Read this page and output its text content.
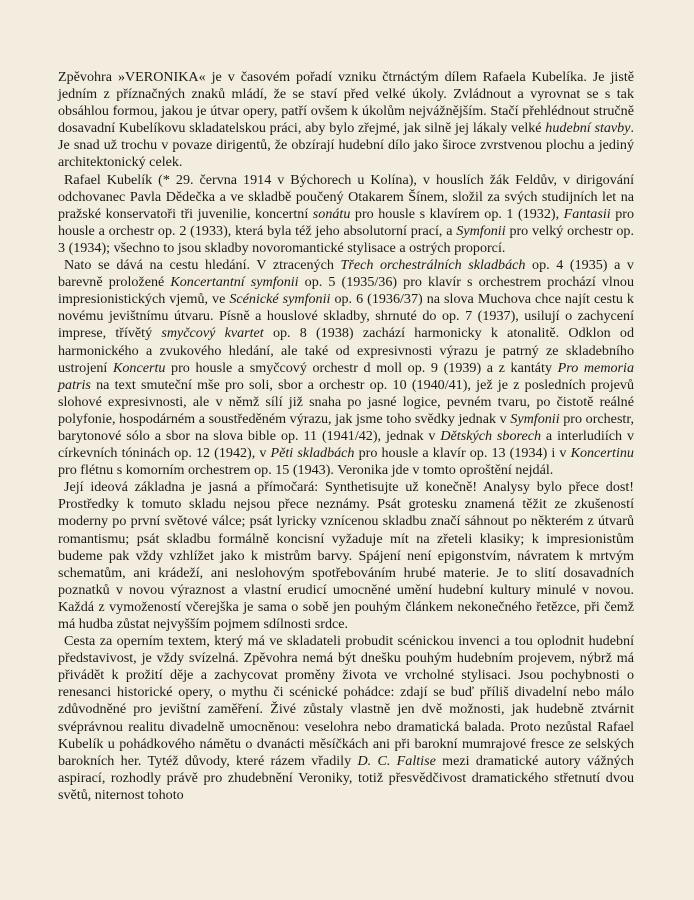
Zpěvohra »VERONIKA« je v časovém pořadí vzniku čtrnáctým dílem Rafaela Kubelíka. Je jistě jedním z příznačných znaků mládí, že se staví před velké úkoly. Zvládnout a vyrovnat se s tak obsáhlou formou, jakou je útvar opery, patří ovšem k úkolům nejvážnějším. Stačí přehlédnout stručně dosavadní Kubelíkovu skladatelskou práci, aby bylo zřejmé, jak silně jej lákaly velké hudební stavby. Je snad už trochu v povaze dirigentů, že obzírají hudební dílo jako široce zvrstvenou plochu a jediný architektonický celek.

Rafael Kubelík (* 29. června 1914 v Býchorech u Kolína), v houslích žák Feldův, v dirigování odchovanec Pavla Dědečka a ve skladbě poučený Otakarem Šínem, složil za svých studijních let na pražské konservatoři tři juvenilie, koncertní sonátu pro housle s klavírem op. 1 (1932), Fantasii pro housle a orchestr op. 2 (1933), která byla též jeho absolutorní prací, a Symfonii pro velký orchestr op. 3 (1934); všechno to jsou skladby novoromantické stylisace a ostrých proporcí.

Nato se dává na cestu hledání. V ztracených Třech orchestrálních skladbách op. 4 (1935) a v barevně proložené Koncertantní symfonii op. 5 (1935/36) pro klavír s orchestrem prochází vlnou impresionistických vjemů, ve Scénické symfonii op. 6 (1936/37) na slova Muchova chce najít cestu k novému jevištnímu útvaru. Písně a houslové skladby, shrnuté do op. 7 (1937), usilují o zachycení imprese, třívětý smyčcový kvartet op. 8 (1938) zachází harmonicky k atonalitě. Odklon od harmonického a zvukového hledání, ale také od expresivnosti výrazu je patrný ze skladebního ustrojení Koncertu pro housle a smyčcový orchestr d moll op. 9 (1939) a z kantáty Pro memoria patris na text smuteční mše pro soli, sbor a orchestr op. 10 (1940/41), jež je z posledních projevů slohové expresivnosti, ale v němž sílí již snaha po jasné logice, pevném tvaru, po čistotě reálné polyfonie, hospodárném a soustředěném výrazu, jak jsme toho svědky jednak v Symfonii pro orchestr, barytonové sólo a sbor na slova bible op. 11 (1941/42), jednak v Dětských sborech a interludiích v církevních tóninách op. 12 (1942), v Pěti skladbách pro housle a klavír op. 13 (1934) i v Koncertinu pro flétnu s komorním orchestrem op. 15 (1943). Veronika jde v tomto oproštění nejdál.

Její ideová základna je jasná a přímočará: Synthetisujte už konečně! Analysy bylo přece dost! Prostředky k tomuto skladu nejsou přece neznámy. Psát grotesku znamená těžit ze zkušeností moderny po první světové válce; psát lyricky vznícenou skladbu značí sáhnout po některém z útvarů romantismu; psát skladbu formálně koncisní vyžaduje mít na zřeteli klasiky; k impresionistům budeme pak vždy vzhlížet jako k mistrům barvy. Spájení není epigonstvím, návratem k mrtvým schematům, ani krádeží, ani neslohovým spotřebováním hrubé materie. Je to slití dosavadních poznatků v novou výraznost a vlastní erudicí umocněné umění hudební kultury minulé v novou. Každá z vymožeností včerejška je sama o sobě jen pouhým článkem nekonečného řetězce, při čemž má hudba zůstat nejvyšším pojmem sdílnosti srdce.

Cesta za operním textem, který má ve skladateli probudit scénickou invenci a tou oplodnit hudební představivost, je vždy svízelná. Zpěvohra nemá být dnešku pouhým hudebním projevem, nýbrž má přivádět k prožití děje a zachycovat proměny života ve vrcholné stylisaci. Jsou pochybnosti o renesanci historické opery, o mythu či scénické pohádce: zdají se buď příliš divadelní nebo málo zdůvodněné pro jevištní zaměření. Živé zůstaly vlastně jen dvě možnosti, jak hudebně ztvárnit svéprávnou realitu divadelně umocněnou: veselohra nebo dramatická balada. Proto nezůstal Rafael Kubelík u pohádkového námětu o dvanácti měsíčkách ani při barokní mumrajové fresce ze selských barokních her. Tytéž důvody, které rázem vřadily D. C. Faltise mezi dramatické autory vážných aspirací, rozhodly právě pro zhudebnění Veroniky, totiž přesvědčivost dramatického střetnutí dvou světů, niternost tohoto
